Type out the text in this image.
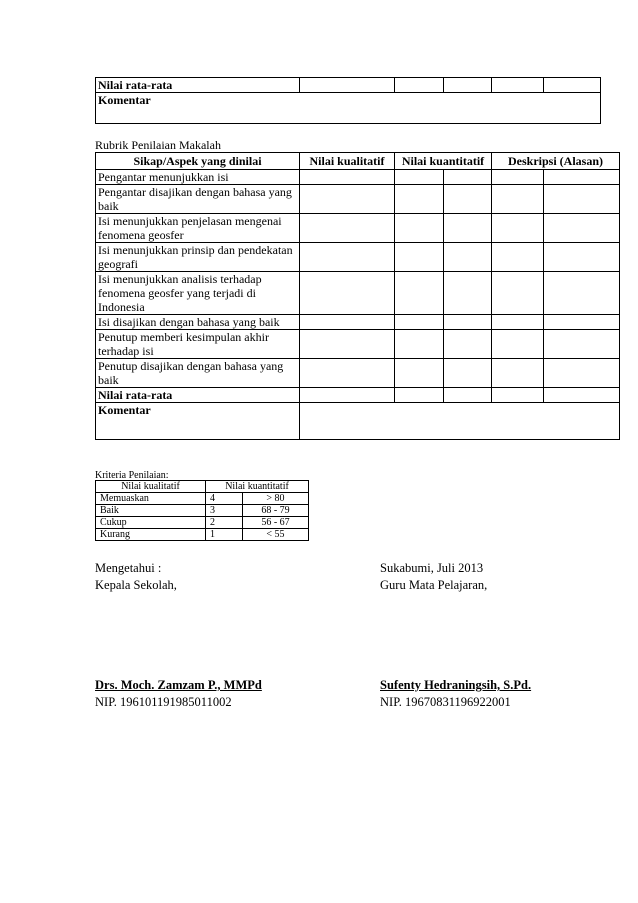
Nilai rata-rata					
Komentar
Rubrik Penilaian Makalah
Sikap/Aspek yang dinilai	Nilai kualitatif	Nilai kuantitatif		Deskripsi (Alasan)	
Pengantar menunjukkan isi					
Pengantar disajikan dengan bahasa yang baik					
Isi menunjukkan penjelasan mengenai fenomena geosfer					
Isi menunjukkan prinsip dan pendekatan geografi					
Isi menunjukkan analisis terhadap fenomena geosfer yang terjadi di Indonesia					
Isi disajikan dengan bahasa yang baik					
Penutup memberi kesimpulan akhir terhadap isi					
Penutup disajikan dengan bahasa yang baik					
Nilai rata-rata					
Komentar					
Kriteria Penilaian:
Nilai kualitatif	Nilai kuantitatif	
Memuaskan	4	> 80
Baik	3	68 - 79
Cukup	2	56 - 67
Kurang	1	< 55
Mengetahui :
Kepala Sekolah,
Sukabumi, Juli 2013
Guru Mata Pelajaran,
Drs. Moch. Zamzam P., MMPd
NIP. 196101191985011002
Sufenty Hedraningsih, S.Pd.
NIP. 19670831196922001
